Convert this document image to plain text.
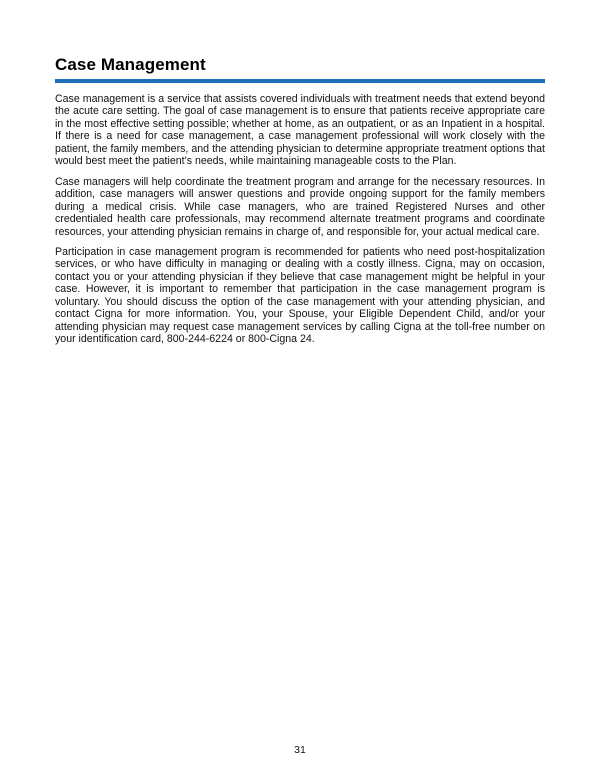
Case Management

Case management is a service that assists covered individuals with treatment needs that extend beyond the acute care setting. The goal of case management is to ensure that patients receive appropriate care in the most effective setting possible; whether at home, as an outpatient, or as an Inpatient in a hospital. If there is a need for case management, a case management professional will work closely with the patient, the family members, and the attending physician to determine appropriate treatment options that would best meet the patient’s needs, while maintaining manageable costs to the Plan.

Case managers will help coordinate the treatment program and arrange for the necessary resources. In addition, case managers will answer questions and provide ongoing support for the family members during a medical crisis. While case managers, who are trained Registered Nurses and other credentialed health care professionals, may recommend alternate treatment programs and coordinate resources, your attending physician remains in charge of, and responsible for, your actual medical care.

Participation in case management program is recommended for patients who need post-hospitalization services, or who have difficulty in managing or dealing with a costly illness. Cigna, may on occasion, contact you or your attending physician if they believe that case management might be helpful in your case. However, it is important to remember that participation in the case management program is voluntary. You should discuss the option of the case management with your attending physician, and contact Cigna for more information. You, your Spouse, your Eligible Dependent Child, and/or your attending physician may request case management services by calling Cigna at the toll-free number on your identification card, 800-244-6224 or 800-Cigna 24.

31
